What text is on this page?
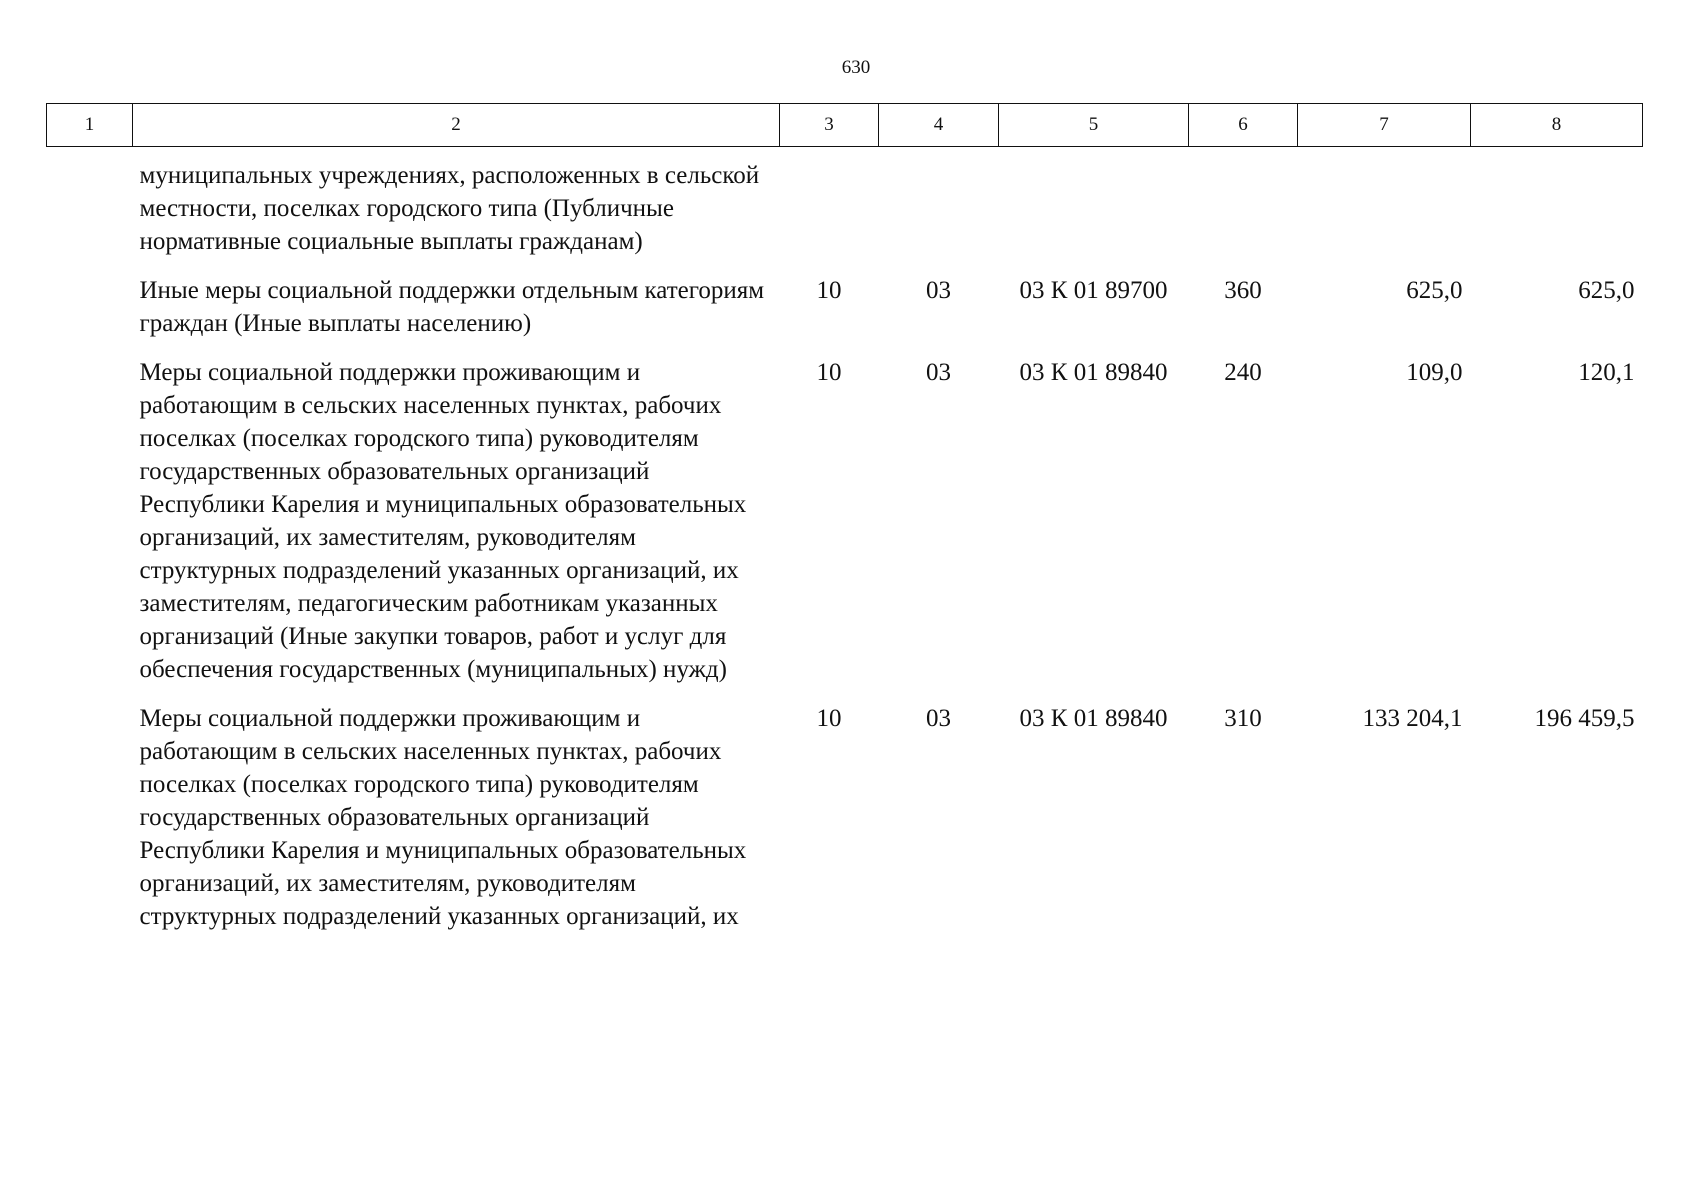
630
1	2	3	4	5	6	7	8
	муниципальных учреждениях, расположенных в сельской местности, поселках городского типа (Публичные нормативные социальные выплаты гражданам)						
	Иные меры социальной поддержки отдельным категориям граждан (Иные выплаты населению)	10	03	03 К 01 89700	360	625,0	625,0
	Меры социальной поддержки проживающим и работающим в сельских населенных пунктах, рабочих поселках (поселках городского типа) руководителям государственных образовательных организаций Республики Карелия и муниципальных образовательных организаций, их заместителям, руководителям структурных подразделений указанных организаций, их заместителям, педагогическим работникам указанных организаций (Иные закупки товаров, работ и услуг для обеспечения государственных (муниципальных) нужд)	10	03	03 К 01 89840	240	109,0	120,1
	Меры социальной поддержки проживающим и работающим в сельских населенных пунктах, рабочих поселках (поселках городского типа) руководителям государственных образовательных организаций Республики Карелия и муниципальных образовательных организаций, их заместителям, руководителям структурных подразделений указанных организаций, их	10	03	03 К 01 89840	310	133 204,1	196 459,5
